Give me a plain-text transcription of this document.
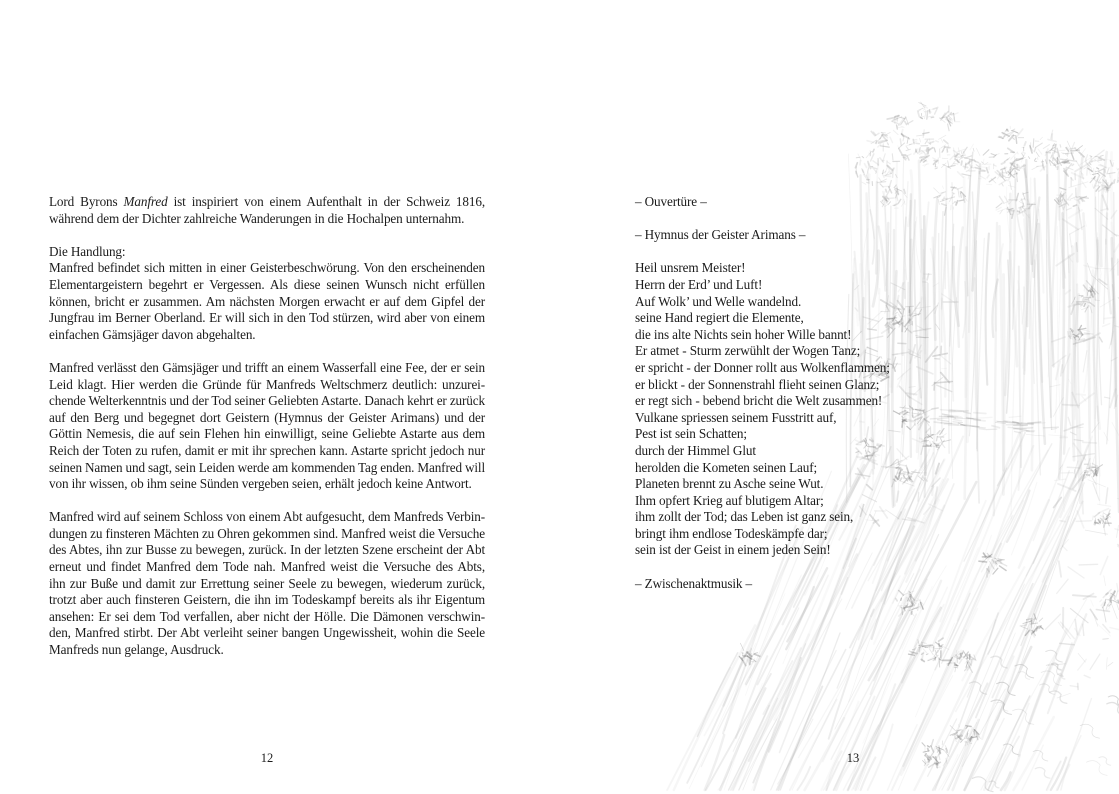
Lord Byrons Manfred ist inspiriert von einem Aufenthalt in der Schweiz 1816,
während dem der Dichter zahlreiche Wanderungen in die Hochalpen unternahm.
Die Handlung:
Manfred befindet sich mitten in einer Geisterbeschwörung. Von den erscheinenden
Elementargeistern begehrt er Vergessen. Als diese seinen Wunsch nicht erfüllen
können, bricht er zusammen. Am nächsten Morgen erwacht er auf dem Gipfel der
Jungfrau im Berner Oberland. Er will sich in den Tod stürzen, wird aber von einem
einfachen Gämsjäger davon abgehalten.
Manfred verlässt den Gämsjäger und trifft an einem Wasserfall eine Fee, der er sein
Leid klagt. Hier werden die Gründe für Manfreds Weltschmerz deutlich: unzurei-
chende Welterkenntnis und der Tod seiner Geliebten Astarte. Danach kehrt er zurück
auf den Berg und begegnet dort Geistern (Hymnus der Geister Arimans) und der
Göttin Nemesis, die auf sein Flehen hin einwilligt, seine Geliebte Astarte aus dem
Reich der Toten zu rufen, damit er mit ihr sprechen kann. Astarte spricht jedoch nur
seinen Namen und sagt, sein Leiden werde am kommenden Tag enden. Manfred will
von ihr wissen, ob ihm seine Sünden vergeben seien, erhält jedoch keine Antwort.
Manfred wird auf seinem Schloss von einem Abt aufgesucht, dem Manfreds Verbin-
dungen zu finsteren Mächten zu Ohren gekommen sind. Manfred weist die Versuche
des Abtes, ihn zur Busse zu bewegen, zurück. In der letzten Szene erscheint der Abt
erneut und findet Manfred dem Tode nah. Manfred weist die Versuche des Abts,
ihn zur Buße und damit zur Errettung seiner Seele zu bewegen, wiederum zurück,
trotzt aber auch finsteren Geistern, die ihn im Todeskampf bereits als ihr Eigentum
ansehen: Er sei dem Tod verfallen, aber nicht der Hölle. Die Dämonen verschwin-
den, Manfred stirbt. Der Abt verleiht seiner bangen Ungewissheit, wohin die Seele
Manfreds nun gelange, Ausdruck.
12
– Ouvertüre –
– Hymnus der Geister Arimans –
Heil unsrem Meister!
Herrn der Erd’ und Luft!
Auf Wolk’ und Welle wandelnd.
seine Hand regiert die Elemente,
die ins alte Nichts sein hoher Wille bannt!
Er atmet - Sturm zerwühlt der Wogen Tanz;
er spricht - der Donner rollt aus Wolkenflammen;
er blickt - der Sonnenstrahl flieht seinen Glanz;
er regt sich - bebend bricht die Welt zusammen!
Vulkane spriessen seinem Fusstritt auf,
Pest ist sein Schatten;
durch der Himmel Glut
herolden die Kometen seinen Lauf;
Planeten brennt zu Asche seine Wut.
Ihm opfert Krieg auf blutigem Altar;
ihm zollt der Tod; das Leben ist ganz sein,
bringt ihm endlose Todeskämpfe dar;
sein ist der Geist in einem jeden Sein!
– Zwischenaktmusik –
13
